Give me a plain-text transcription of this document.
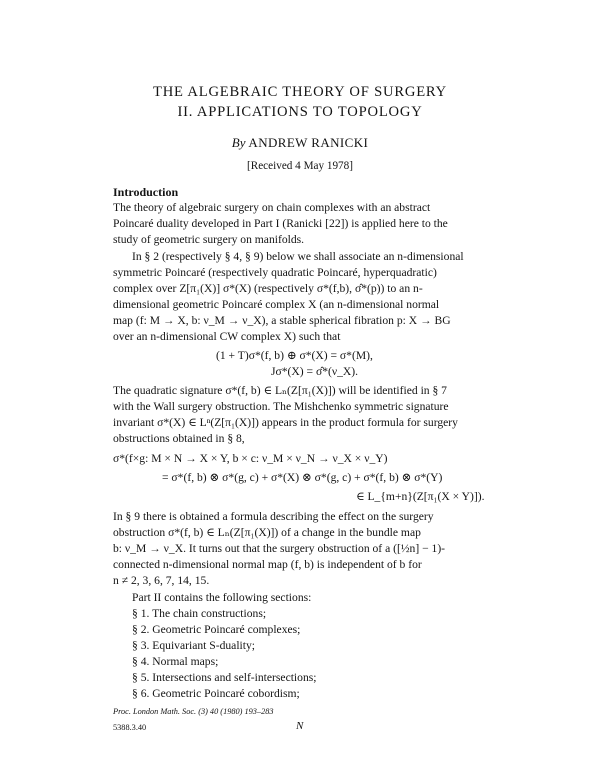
THE ALGEBRAIC THEORY OF SURGERY
II. APPLICATIONS TO TOPOLOGY
By ANDREW RANICKI
[Received 4 May 1978]
Introduction
The theory of algebraic surgery on chain complexes with an abstract
Poincaré duality developed in Part I (Ranicki [22]) is applied here to the
study of geometric surgery on manifolds.
In § 2 (respectively § 4, § 9) below we shall associate an n-dimensional
symmetric Poincaré (respectively quadratic Poincaré, hyperquadratic)
complex over Z[π₁(X)] σ*(X) (respectively σ*(f,b), σ̂*(p)) to an n-
dimensional geometric Poincaré complex X (an n-dimensional normal
map (f: M → X, b: ν_M → ν_X), a stable spherical fibration p: X → BG
over an n-dimensional CW complex X) such that
(1 + T)σ*(f, b) ⊕ σ*(X) = σ*(M),
Jσ*(X) = σ̂*(ν_X).
The quadratic signature σ*(f, b) ∈ Lₙ(Z[π₁(X)]) will be identified in § 7
with the Wall surgery obstruction. The Mishchenko symmetric signature
invariant σ*(X) ∈ Lⁿ(Z[π₁(X)]) appears in the product formula for surgery
obstructions obtained in § 8,
σ*(f×g: M × N → X × Y, b × c: ν_M × ν_N → ν_X × ν_Y)
= σ*(f, b) ⊗ σ*(g, c) + σ*(X) ⊗ σ*(g, c) + σ*(f, b) ⊗ σ*(Y)
∈ L_{m+n}(Z[π₁(X × Y)]).
In § 9 there is obtained a formula describing the effect on the surgery
obstruction σ*(f, b) ∈ Lₙ(Z[π₁(X)]) of a change in the bundle map
b: ν_M → ν_X. It turns out that the surgery obstruction of a ([½n] − 1)-
connected n-dimensional normal map (f, b) is independent of b for
n ≠ 2, 3, 6, 7, 14, 15.
Part II contains the following sections:
§ 1. The chain constructions;
§ 2. Geometric Poincaré complexes;
§ 3. Equivariant S-duality;
§ 4. Normal maps;
§ 5. Intersections and self-intersections;
§ 6. Geometric Poincaré cobordism;
Proc. London Math. Soc. (3) 40 (1980) 193–283
5388.3.40	N
